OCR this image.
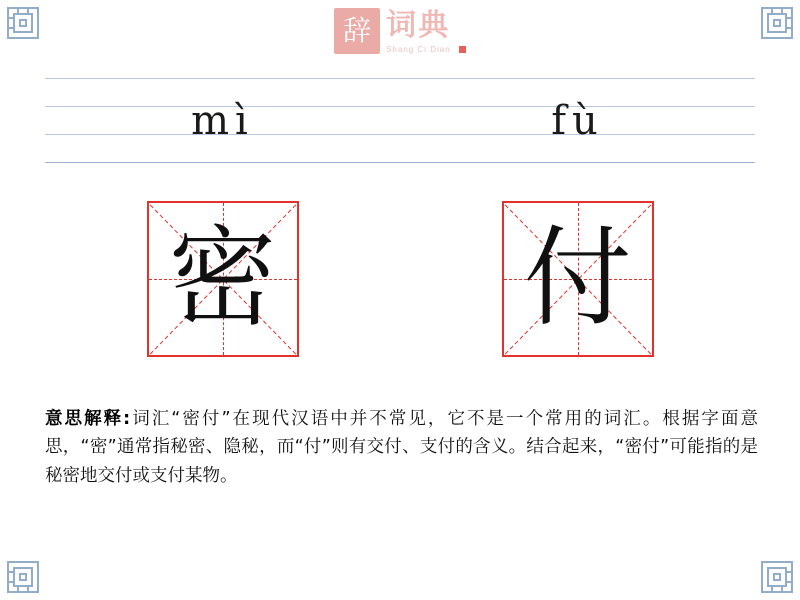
辞 词典
Shang Ci Dian
mì	fù
密 付
意思解释:词汇“密付”在现代汉语中并不常见，它不是一个常用的词汇。根据字面意思，“密”通常指秘密、隐秘，而“付”则有交付、支付的含义。结合起来，“密付”可能指的是秘密地交付或支付某物。
